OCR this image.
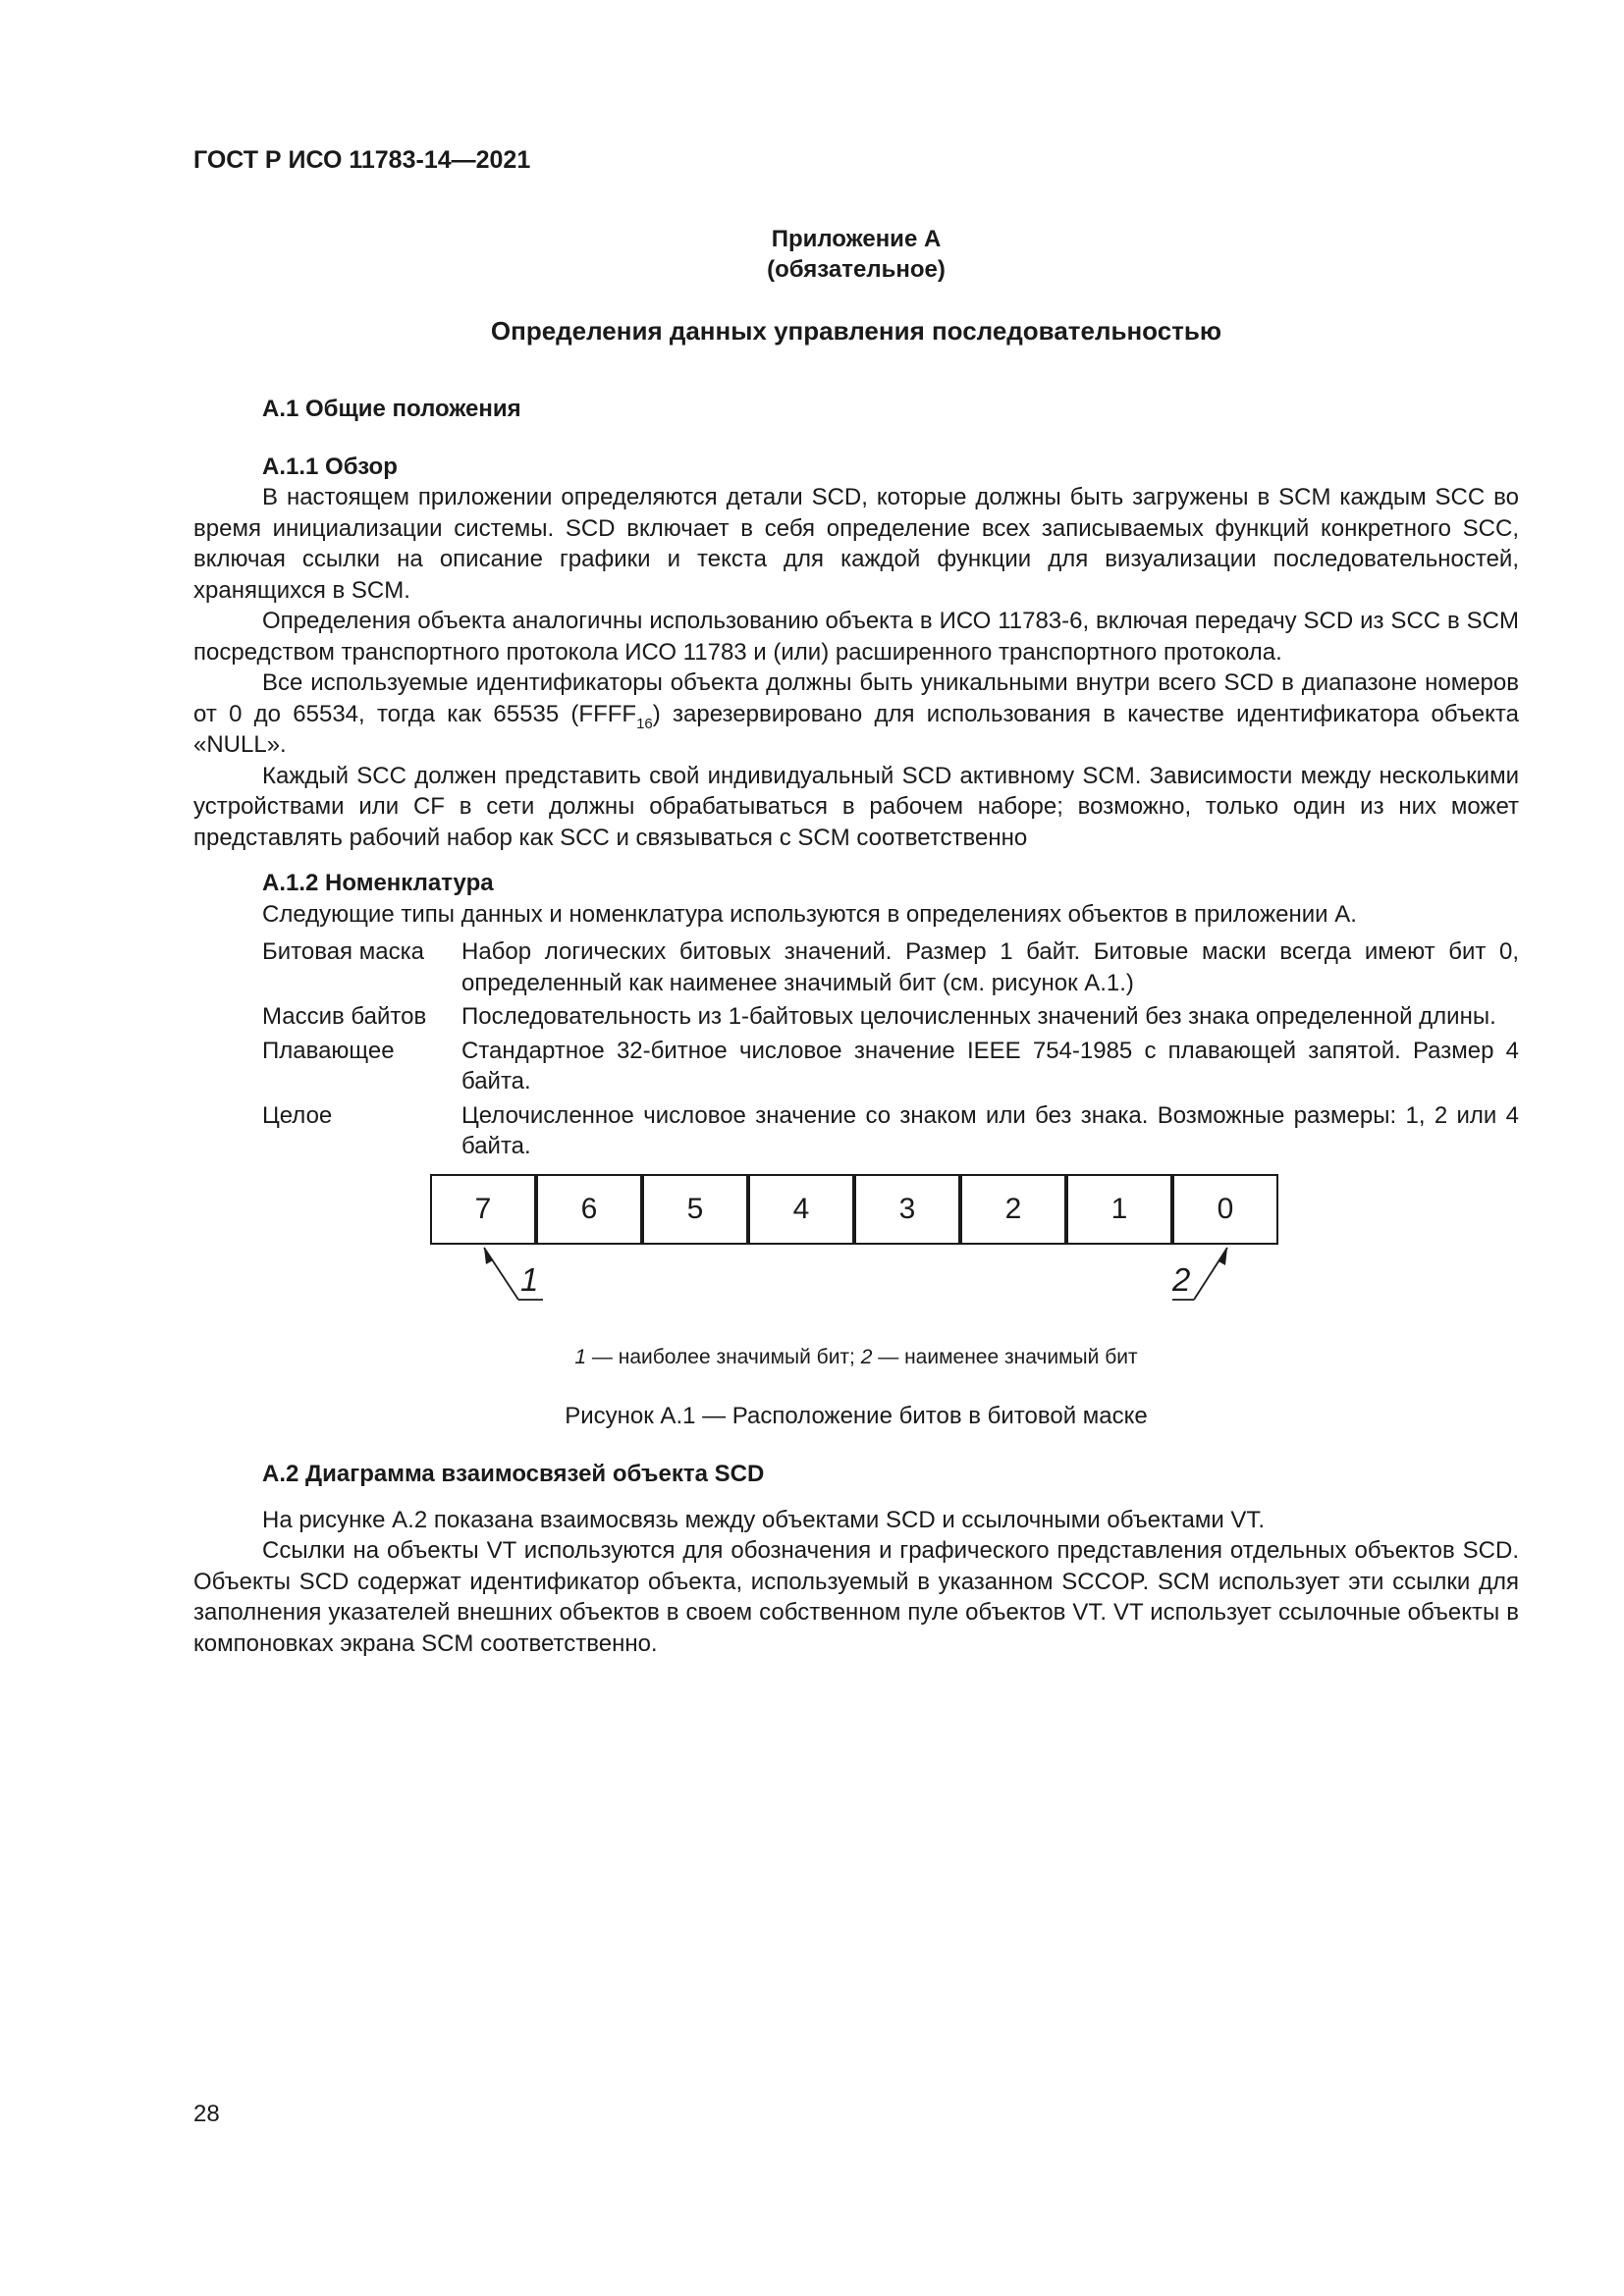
ГОСТ Р ИСО 11783-14—2021
Приложение А
(обязательное)
Определения данных управления последовательностью
А.1 Общие положения
А.1.1 Обзор

В настоящем приложении определяются детали SCD, которые должны быть загружены в SCM каждым SCC во время инициализации системы. SCD включает в себя определение всех записываемых функций конкретного SCC, включая ссылки на описание графики и текста для каждой функции для визуализации последовательностей, хранящихся в SCM.

Определения объекта аналогичны использованию объекта в ИСО 11783-6, включая передачу SCD из SCC в SCM посредством транспортного протокола ИСО 11783 и (или) расширенного транспортного протокола.

Все используемые идентификаторы объекта должны быть уникальными внутри всего SCD в диапазоне номеров от 0 до 65534, тогда как 65535 $(FFFF_{16})$ зарезервировано для использования в качестве идентификатора объекта «NULL».

Каждый SCC должен представить свой индивидуальный SCD активному SCM. Зависимости между несколькими устройствами или CF в сети должны обрабатываться в рабочем наборе; возможно, только один из них может представлять рабочий набор как SCC и связываться с SCM соответственно

А.1.2 Номенклатура

Следующие типы данных и номенклатура используются в определениях объектов в приложении А.

Битовая маска	Набор логических битовых значений. Размер 1 байт. Битовые маски всегда имеют бит 0, определенный как наименее значимый бит (см. рисунок А.1.)
Массив байтов	Последовательность из 1-байтовых целочисленных значений без знака определенной длины.
Плавающее	Стандартное 32-битное числовое значение IEEE 754-1985 с плавающей запятой. Размер 4 байта.
Целое	Целочисленное числовое значение со знаком или без знака. Возможные размеры: 1, 2 или 4 байта.
7	6	5	4	3	2	1	0
1	2
1 — наиболее значимый бит; 2 — наименее значимый бит
Рисунок А.1 — Расположение битов в битовой маске
А.2 Диаграмма взаимосвязей объекта SCD

На рисунке А.2 показана взаимосвязь между объектами SCD и ссылочными объектами VT.

Ссылки на объекты VT используются для обозначения и графического представления отдельных объектов SCD. Объекты SCD содержат идентификатор объекта, используемый в указанном SCCOP. SCM использует эти ссылки для заполнения указателей внешних объектов в своем собственном пуле объектов VT. VT использует ссылочные объекты в компоновках экрана SCM соответственно.

28
